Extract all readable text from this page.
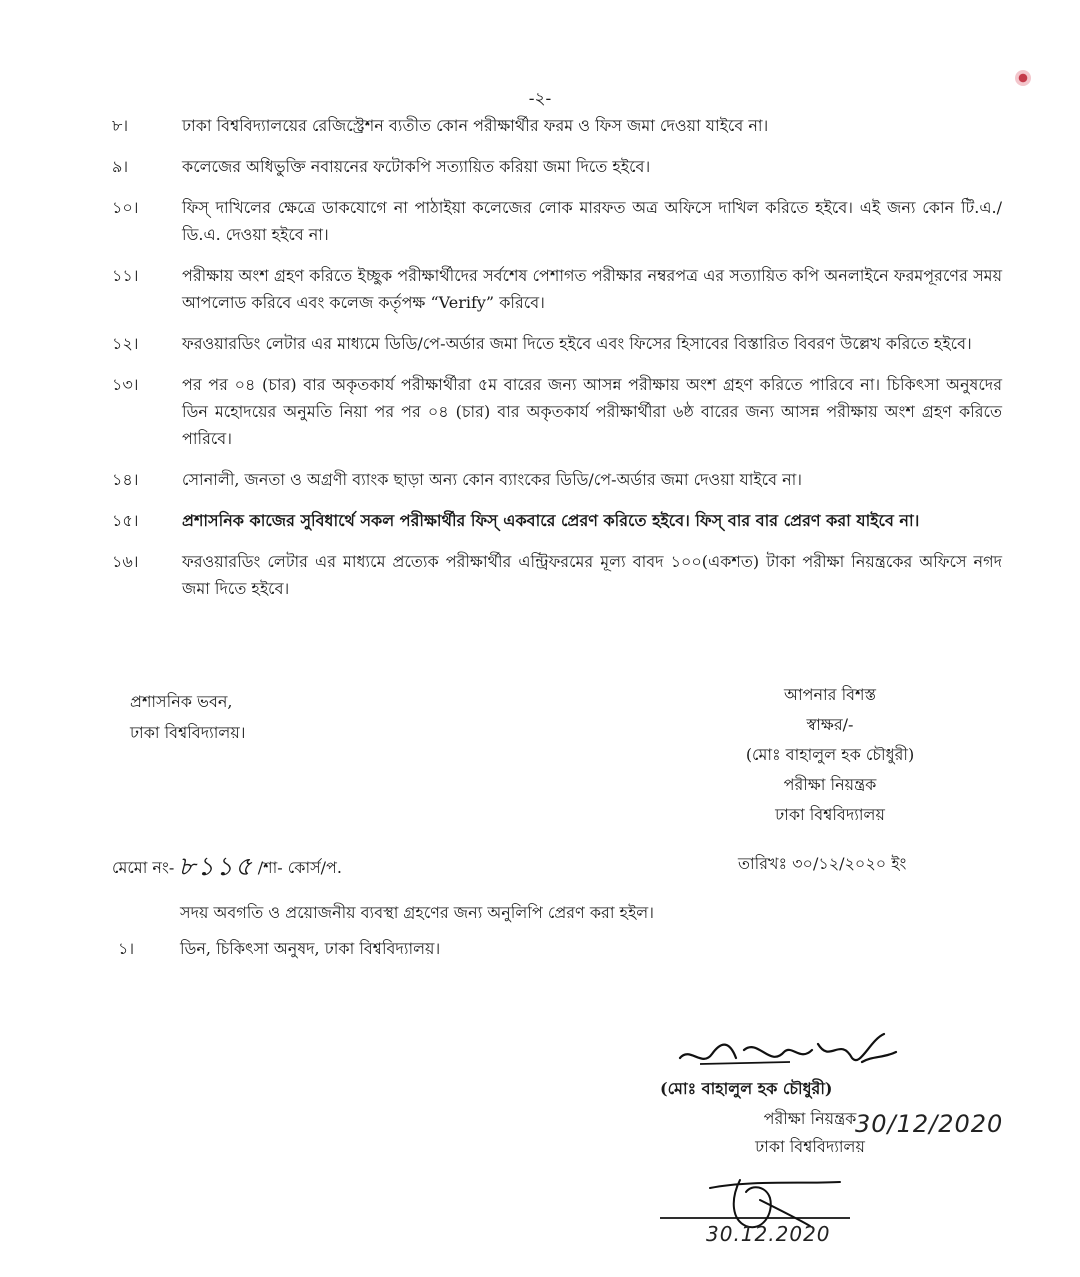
-২-
৮।	ঢাকা বিশ্ববিদ্যালয়ের রেজিস্ট্রেশন ব্যতীত কোন পরীক্ষার্থীর ফরম ও ফিস জমা দেওয়া যাইবে না।
৯।	কলেজের অধিভুক্তি নবায়নের ফটোকপি সত্যায়িত করিয়া জমা দিতে হইবে।
১০।	ফিস্ দাখিলের ক্ষেত্রে ডাকযোগে না পাঠাইয়া কলেজের লোক মারফত অত্র অফিসে দাখিল করিতে হইবে। এই জন্য কোন টি.এ./ডি.এ. দেওয়া হইবে না।
১১।	পরীক্ষায় অংশ গ্রহণ করিতে ইচ্ছুক পরীক্ষার্থীদের সর্বশেষ পেশাগত পরীক্ষার নম্বরপত্র এর সত্যায়িত কপি অনলাইনে ফরমপূরণের সময় আপলোড করিবে এবং কলেজ কর্তৃপক্ষ “Verify” করিবে।
১২।	ফরওয়ারডিং লেটার এর মাধ্যমে ডিডি/পে-অর্ডার জমা দিতে হইবে এবং ফিসের হিসাবের বিস্তারিত বিবরণ উল্লেখ করিতে হইবে।
১৩।	পর পর ০৪ (চার) বার অকৃতকার্য পরীক্ষার্থীরা ৫ম বারের জন্য আসন্ন পরীক্ষায় অংশ গ্রহণ করিতে পারিবে না। চিকিৎসা অনুষদের ডিন মহোদয়ের অনুমতি নিয়া পর পর ০৪ (চার) বার অকৃতকার্য পরীক্ষার্থীরা ৬ষ্ঠ বারের জন্য আসন্ন পরীক্ষায় অংশ গ্রহণ করিতে পারিবে।
১৪।	সোনালী, জনতা ও অগ্রণী ব্যাংক ছাড়া অন্য কোন ব্যাংকের ডিডি/পে-অর্ডার জমা দেওয়া যাইবে না।
১৫।	প্রশাসনিক কাজের সুবিধার্থে সকল পরীক্ষার্থীর ফিস্ একবারে প্রেরণ করিতে হইবে। ফিস্ বার বার প্রেরণ করা যাইবে না।
১৬।	ফরওয়ারডিং লেটার এর মাধ্যমে প্রত্যেক পরীক্ষার্থীর এন্ট্রিফরমের মূল্য বাবদ ১০০(একশত) টাকা পরীক্ষা নিয়ন্ত্রকের অফিসে নগদ জমা দিতে হইবে।
প্রশাসনিক ভবন,
ঢাকা বিশ্ববিদ্যালয়।
আপনার বিশস্ত
স্বাক্ষর/-
(মোঃ বাহালুল হক চৌধুরী)
পরীক্ষা নিয়ন্ত্রক
ঢাকা বিশ্ববিদ্যালয়
মেমো নং- ৮১১৫ /শা- কোর্স/প.	তারিখঃ ৩০/১২/২০২০ ইং
সদয় অবগতি ও প্রয়োজনীয় ব্যবস্থা গ্রহণের জন্য অনুলিপি প্রেরণ করা হইল।
১।	ডিন, চিকিৎসা অনুষদ, ঢাকা বিশ্ববিদ্যালয়।
(মোঃ বাহালুল হক চৌধুরী)
পরীক্ষা নিয়ন্ত্রক
ঢাকা বিশ্ববিদ্যালয়
30/12/2020
30.12.2020
